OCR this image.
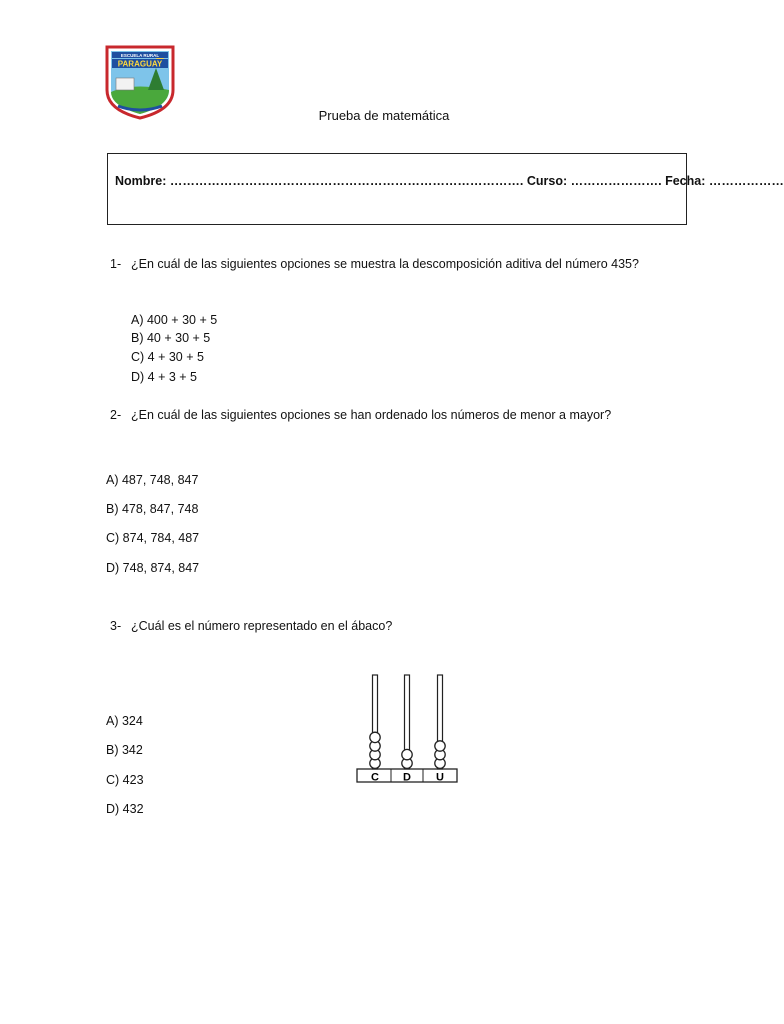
ESCUELA RURAL
PARAGUAY
Prueba de matemática
Nombre: …………………………………………………………………………. Curso: …………………. Fecha: ………………
1- ¿En cuál de las siguientes opciones se muestra la descomposición aditiva del número 435?
A) 400 + 30 + 5
B) 40 + 30 + 5
C) 4 + 30 + 5
D) 4 + 3 + 5
2- ¿En cuál de las siguientes opciones se han ordenado los números de menor a mayor?
A) 487, 748, 847
B) 478, 847, 748
C) 874, 784, 487
D) 748, 874, 847
3- ¿Cuál es el número representado en el ábaco?
A) 324
B) 342
C) 423
D) 432
C D U
